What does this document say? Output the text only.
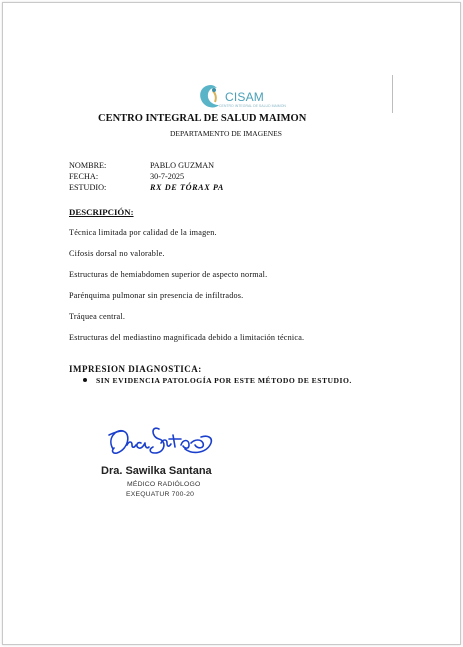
CISAM
CENTRO INTEGRAL DE SALUD MAIMON
CENTRO INTEGRAL DE SALUD MAIMON
DEPARTAMENTO DE IMAGENES
NOMBRE:	PABLO GUZMAN
FECHA:	30-7-2025
ESTUDIO:	RX DE TÓRAX PA
DESCRIPCIÓN:
Técnica limitada por calidad de la imagen.
Cifosis dorsal no valorable.
Estructuras de hemiabdomen superior de aspecto normal.
Parénquima pulmonar sin presencia de infiltrados.
Tráquea central.
Estructuras del mediastino magnificada debido a limitación técnica.
IMPRESION DIAGNOSTICA:
SIN EVIDENCIA PATOLOGÍA POR ESTE MÉTODO DE ESTUDIO.
Dra. Sawilka Santana
MÉDICO RADIÓLOGO
EXEQUATUR 700-20
